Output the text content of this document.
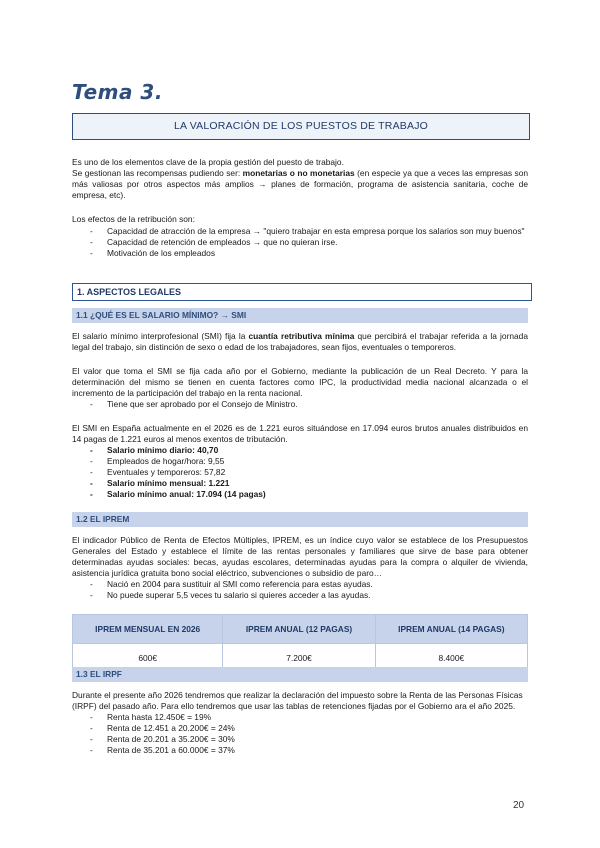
Tema 3.
LA VALORACIÓN DE LOS PUESTOS DE TRABAJO
Es uno de los elementos clave de la propia gestión del puesto de trabajo.
Se gestionan las recompensas pudiendo ser: monetarias o no monetarias (en especie ya que a veces las empresas son más valiosas por otros aspectos más amplios → planes de formación, programa de asistencia sanitaria, coche de empresa, etc).
Los efectos de la retribución son:
- Capacidad de atracción de la empresa → "quiero trabajar en esta empresa porque los salarios son muy buenos"
- Capacidad de retención de empleados → que no quieran irse.
- Motivación de los empleados
1. ASPECTOS LEGALES
1.1 ¿QUÉ ES EL SALARIO MÍNIMO? → SMI
El salario mínimo interprofesional (SMI) fija la cuantía retributiva mínima que percibirá el trabajar referida a la jornada legal del trabajo, sin distinción de sexo o edad de los trabajadores, sean fijos, eventuales o temporeros.
El valor que toma el SMI se fija cada año por el Gobierno, mediante la publicación de un Real Decreto. Y para la determinación del mismo se tienen en cuenta factores como IPC, la productividad media nacional alcanzada o el incremento de la participación del trabajo en la renta nacional.
- Tiene que ser aprobado por el Consejo de Ministro.
El SMI en España actualmente en el 2026 es de 1.221 euros situándose en 17.094 euros brutos anuales distribuidos en 14 pagas de 1.221 euros al menos exentos de tributación.
- Salario mínimo diario: 40,70
- Empleados de hogar/hora: 9,55
- Eventuales y temporeros: 57,82
- Salario mínimo mensual: 1.221
- Salario mínimo anual: 17.094 (14 pagas)
1.2 EL IPREM
El indicador Público de Renta de Efectos Múltiples, IPREM, es un índice cuyo valor se establece de los Presupuestos Generales del Estado y establece el límite de las rentas personales y familiares que sirve de base para obtener determinadas ayudas sociales: becas, ayudas escolares, determinadas ayudas para la compra o alquiler de vivienda, asistencia jurídica gratuita bono social eléctrico, subvenciones o subsidio de paro…
- Nació en 2004 para sustituir al SMI como referencia para estas ayudas.
- No puede superar 5,5 veces tu salario si quieres acceder a las ayudas.
IPREM MENSUAL EN 2026	IPREM ANUAL (12 PAGAS)	IPREM ANUAL (14 PAGAS)
600€	7.200€	8.400€
1.3 EL IRPF
Durante el presente año 2026 tendremos que realizar la declaración del impuesto sobre la Renta de las Personas Físicas (IRPF) del pasado año. Para ello tendremos que usar las tablas de retenciones fijadas por el Gobierno ara el año 2025.
- Renta hasta 12.450€ = 19%
- Renta de 12.451 a 20.200€ = 24%
- Renta de 20.201 a 35.200€ = 30%
- Renta de 35.201 a 60.000€ = 37%
20
